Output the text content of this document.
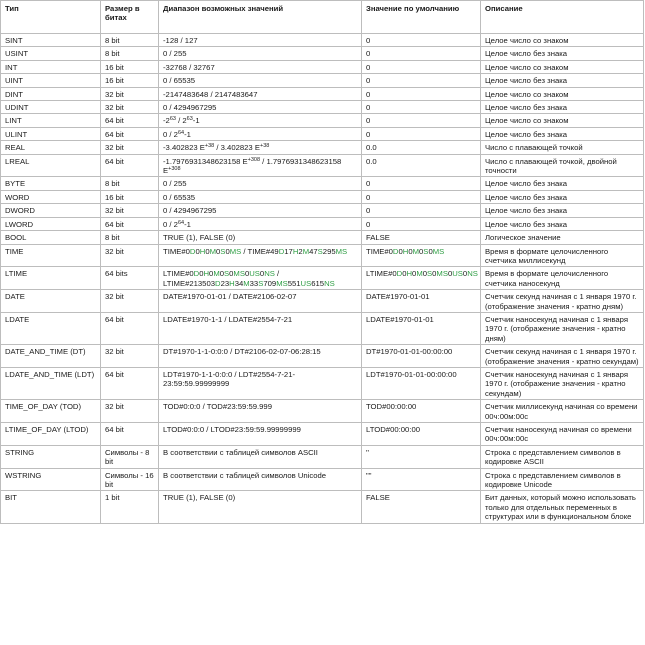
Тип	Размер в битах	Диапазон возможных значений	Значение по умолчанию	Описание
SINT	8 bit	-128 / 127	0	Целое число со знаком
USINT	8 bit	0 / 255	0	Целое число без знака
INT	16 bit	-32768 / 32767	0	Целое число со знаком
UINT	16 bit	0 / 65535	0	Целое число без знака
DINT	32 bit	-2147483648 / 2147483647	0	Целое число со знаком
UDINT	32 bit	0 / 4294967295	0	Целое число без знака
LINT	64 bit	$-2^{63} / 2^{63}-1$	0	Целое число со знаком
ULINT	64 bit	$0 / 2^{64}-1$	0	Целое число без знака
REAL	32 bit	-3.402823 $E^{+38} / 3.402823$ $E^{+38}$	0.0	Число с плавающей точкой
LREAL	64 bit	-1.7976931348623158 $E^{+308} / 1.7976931348623158$ $E^{+308}$	0.0	Число с плавающей точкой, двойной точности
BYTE	8 bit	0 / 255	0	Целое число без знака
WORD	16 bit	0 / 65535	0	Целое число без знака
DWORD	32 bit	0 / 4294967295	0	Целое число без знака
LWORD	64 bit	$0 / 2^{64}-1$	0	Целое число без знака
BOOL	8 bit	TRUE (1), FALSE (0)	FALSE	Логическое значение
TIME	32 bit	TIME#0D0H0M0S0MS / TIME#49D17H2M47S295MS	TIME#0D0H0M0S0MS	Время в формате целочисленного счетчика миллисекунд
LTIME	64 bits	LTIME#0D0H0M0S0MS0US0NS / LTIME#213503D23H34M33S709MS551US615NS	LTIME#0D0H0M0S0MS0US0NS	Время в формате целочисленного счетчика наносекунд
DATE	32 bit	DATE#1970-01-01 / DATE#2106-02-07	DATE#1970-01-01	Счетчик секунд начиная с 1 января 1970 г. (отображение значения - кратно дням)
LDATE	64 bit	LDATE#1970-1-1 / LDATE#2554-7-21	LDATE#1970-01-01	Счетчик наносекунд начиная с 1 января 1970 г. (отображение значения - кратно дням)
DATE_AND_TIME (DT)	32 bit	DT#1970-1-1-0:0:0 / DT#2106-02-07-06:28:15	DT#1970-01-01-00:00:00	Счетчик секунд начиная с 1 января 1970 г. (отображение значения - кратно секундам)
LDATE_AND_TIME (LDT)	64 bit	LDT#1970-1-1-0:0:0 / LDT#2554-7-21-23:59:59.99999999	LDT#1970-01-01-00:00:00	Счетчик наносекунд начиная с 1 января 1970 г. (отображение значения - кратно секундам)
TIME_OF_DAY (TOD)	32 bit	TOD#0:0:0 / TOD#23:59:59.999	TOD#00:00:00	Счетчик миллисекунд начиная со времени 00ч:00м:00с
LTIME_OF_DAY (LTOD)	64 bit	LTOD#0:0:0 / LTOD#23:59:59.99999999	LTOD#00:00:00	Счетчик наносекунд начиная со времени 00ч:00м:00с
STRING	Символы - 8 bit	В соответствии с таблицей символов ASCII	''	Строка с представлением символов в кодировке ASCII
WSTRING	Символы - 16 bit	В соответствии с таблицей символов Unicode	""	Строка с представлением символов в кодировке Unicode
BIT	1 bit	TRUE (1), FALSE (0)	FALSE	Бит данных, который можно использовать только для отдельных переменных в структурах или в функциональном блоке
